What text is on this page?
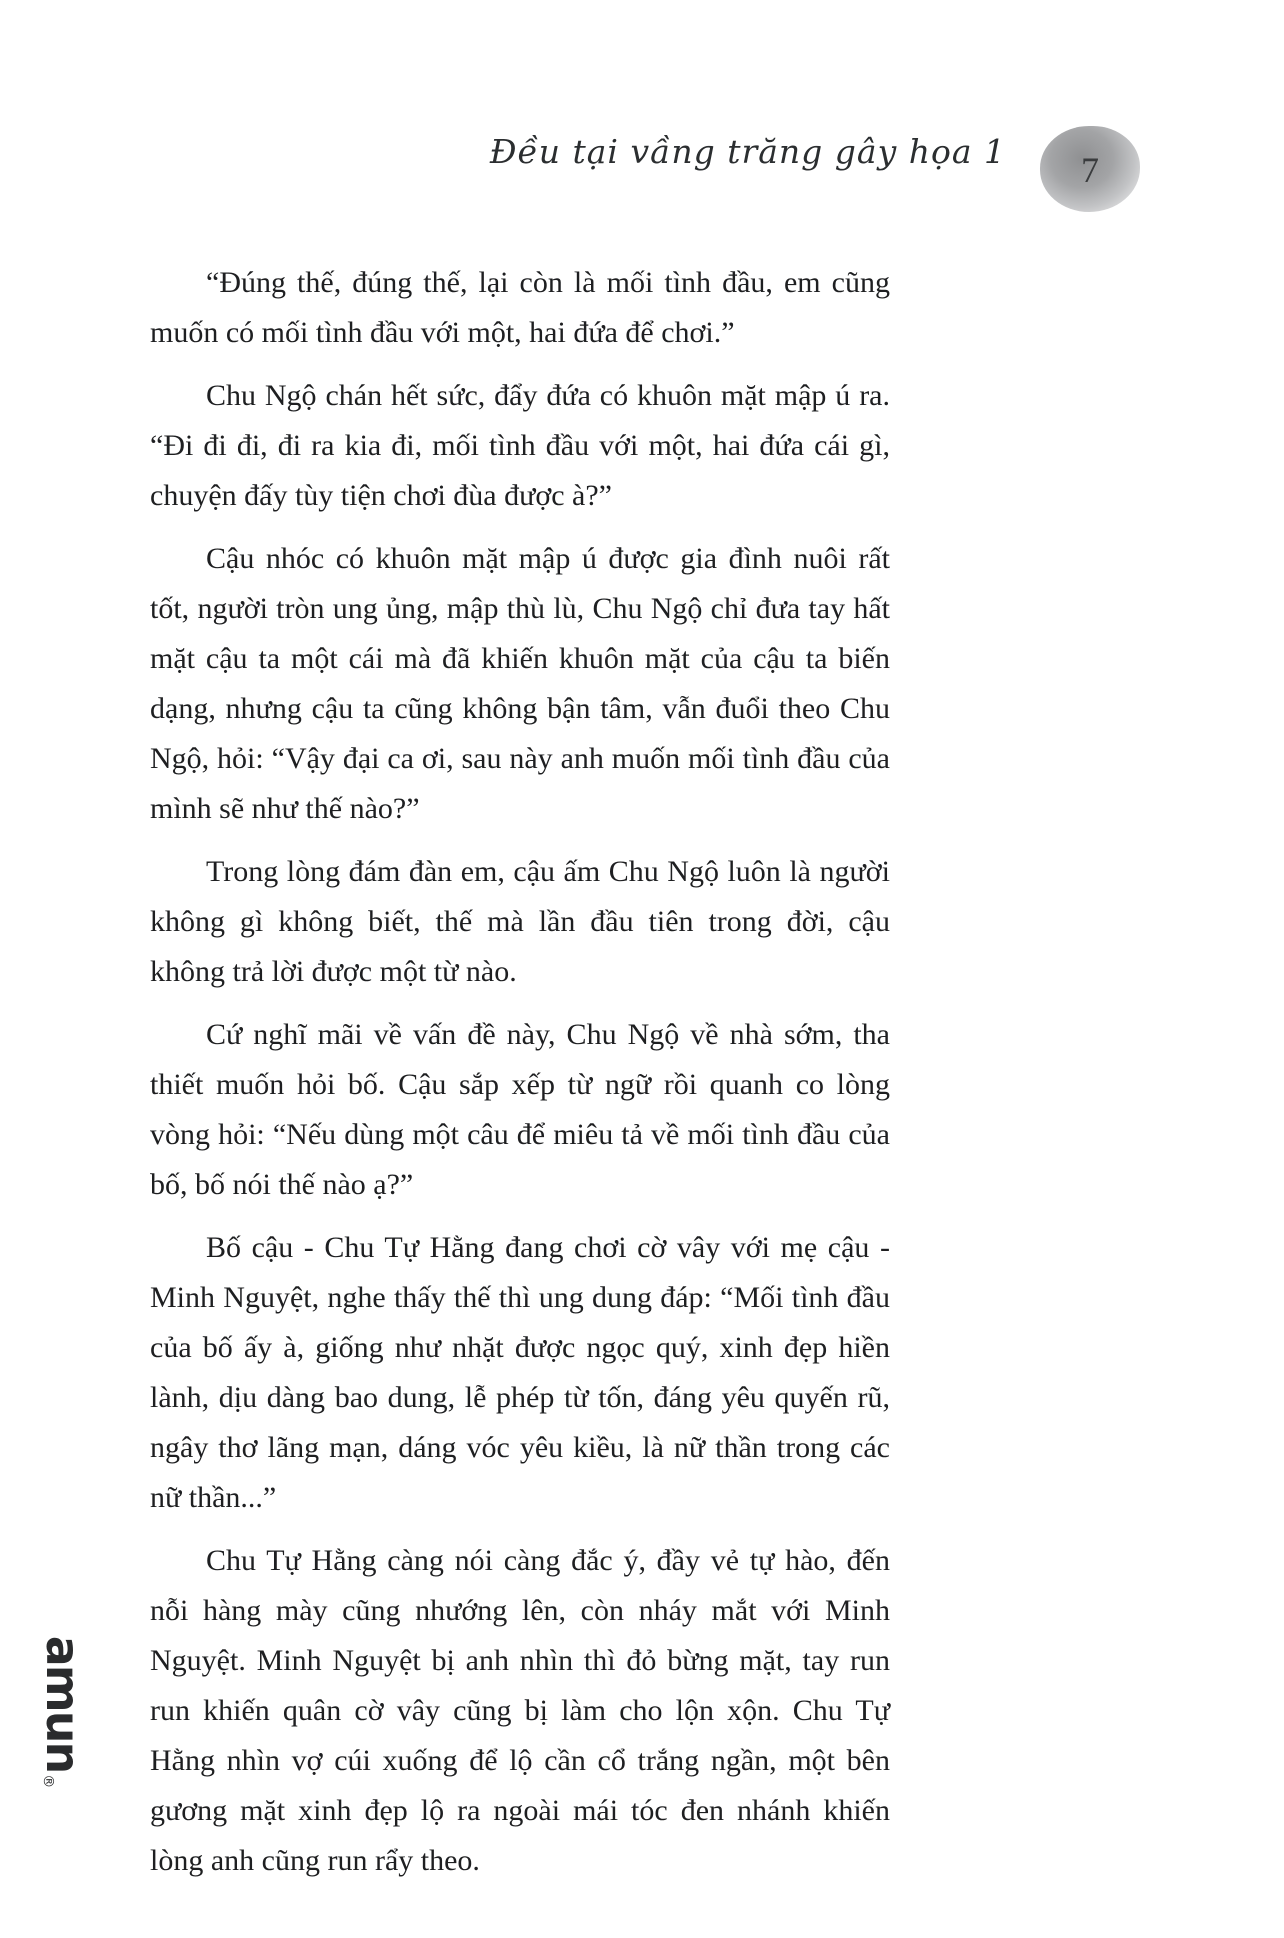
Đều tại vầng trăng gây họa 1 7

“Đúng thế, đúng thế, lại còn là mối tình đầu, em cũng muốn có mối tình đầu với một, hai đứa để chơi.”

Chu Ngộ chán hết sức, đẩy đứa có khuôn mặt mập ú ra. “Đi đi đi, đi ra kia đi, mối tình đầu với một, hai đứa cái gì, chuyện đấy tùy tiện chơi đùa được à?”

Cậu nhóc có khuôn mặt mập ú được gia đình nuôi rất tốt, người tròn ung ủng, mập thù lù, Chu Ngộ chỉ đưa tay hất mặt cậu ta một cái mà đã khiến khuôn mặt của cậu ta biến dạng, nhưng cậu ta cũng không bận tâm, vẫn đuổi theo Chu Ngộ, hỏi: “Vậy đại ca ơi, sau này anh muốn mối tình đầu của mình sẽ như thế nào?”

Trong lòng đám đàn em, cậu ấm Chu Ngộ luôn là người không gì không biết, thế mà lần đầu tiên trong đời, cậu không trả lời được một từ nào.

Cứ nghĩ mãi về vấn đề này, Chu Ngộ về nhà sớm, tha thiết muốn hỏi bố. Cậu sắp xếp từ ngữ rồi quanh co lòng vòng hỏi: “Nếu dùng một câu để miêu tả về mối tình đầu của bố, bố nói thế nào ạ?”

Bố cậu - Chu Tự Hằng đang chơi cờ vây với mẹ cậu - Minh Nguyệt, nghe thấy thế thì ung dung đáp: “Mối tình đầu của bố ấy à, giống như nhặt được ngọc quý, xinh đẹp hiền lành, dịu dàng bao dung, lễ phép từ tốn, đáng yêu quyến rũ, ngây thơ lãng mạn, dáng vóc yêu kiều, là nữ thần trong các nữ thần...”

Chu Tự Hằng càng nói càng đắc ý, đầy vẻ tự hào, đến nỗi hàng mày cũng nhướng lên, còn nháy mắt với Minh Nguyệt. Minh Nguyệt bị anh nhìn thì đỏ bừng mặt, tay run run khiến quân cờ vây cũng bị làm cho lộn xộn. Chu Tự Hằng nhìn vợ cúi xuống để lộ cần cổ trắng ngần, một bên gương mặt xinh đẹp lộ ra ngoài mái tóc đen nhánh khiến lòng anh cũng run rẩy theo.

amun
®
